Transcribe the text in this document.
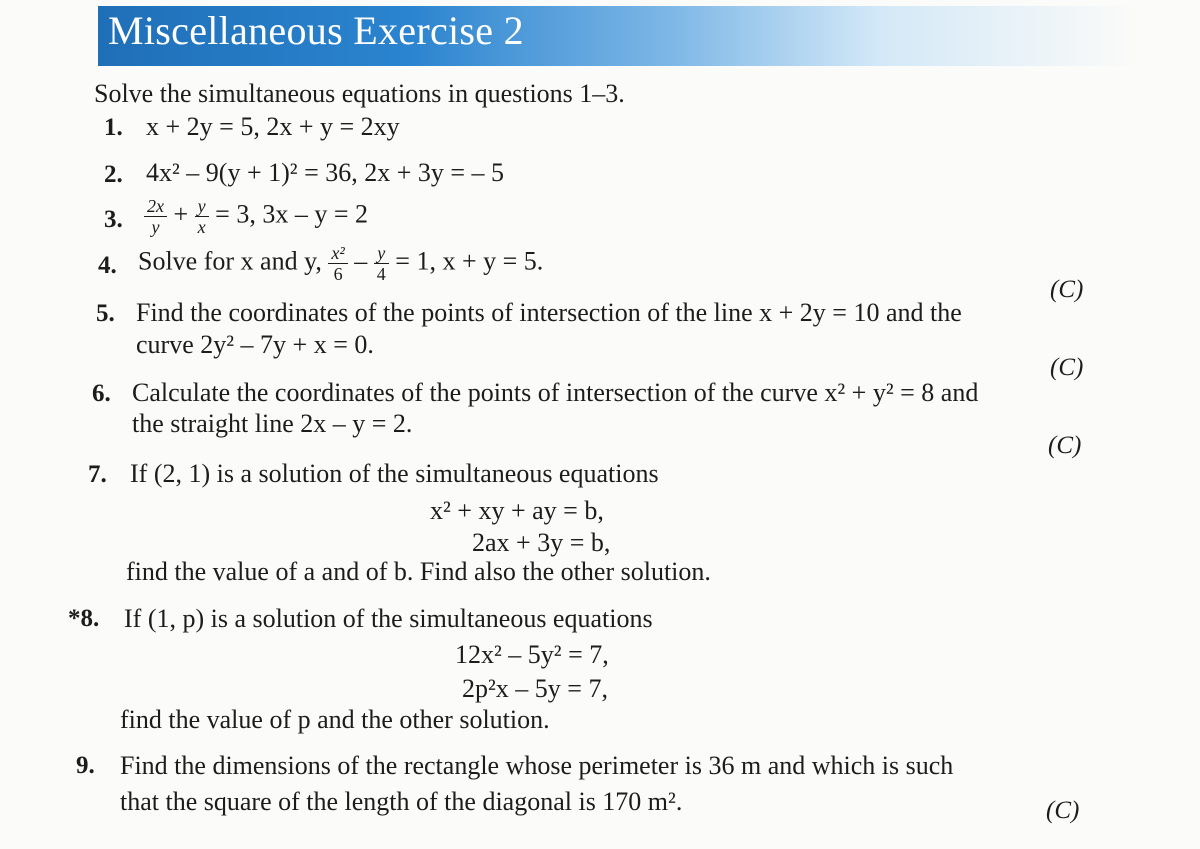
Miscellaneous Exercise 2
Solve the simultaneous equations in questions 1–3.
1. x + 2y = 5, 2x + y = 2xy
2. 4x² – 9(y + 1)² = 36, 2x + 3y = – 5
3. $\frac{2x}{y} + \frac{y}{x} = 3$, 3x – y = 2
4. Solve for x and y, $\frac{\text{x²}}{6} - \frac{y}{4} = 1$, x + y = 5.
(C)
5. Find the coordinates of the points of intersection of the line x + 2y = 10 and the
curve 2y² – 7y + x = 0.
(C)
6. Calculate the coordinates of the points of intersection of the curve x² + y² = 8 and
the straight line 2x – y = 2.
(C)
7. If (2, 1) is a solution of the simultaneous equations
x² + xy + ay = b,
2ax + 3y = b,
find the value of a and of b. Find also the other solution.
*8. If (1, p) is a solution of the simultaneous equations
12x² – 5y² = 7,
2p²x – 5y = 7,
find the value of p and the other solution.
9. Find the dimensions of the rectangle whose perimeter is 36 m and which is such
that the square of the length of the diagonal is 170 m².	(C)
